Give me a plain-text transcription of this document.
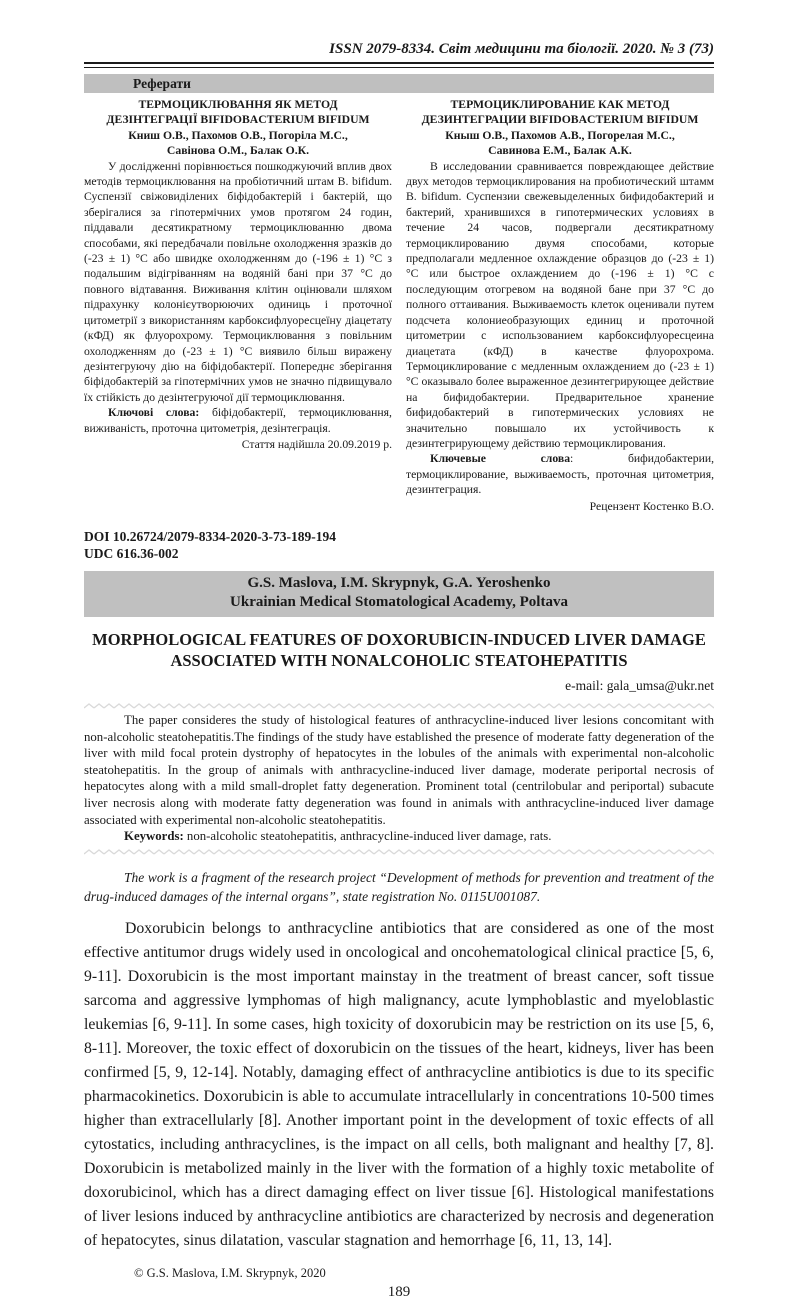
ISSN 2079-8334. Світ медицини та біології. 2020. № 3 (73)
Реферати
ТЕРМОЦИКЛЮВАННЯ ЯК МЕТОД
ДЕЗІНТЕГРАЦІЇ BIFIDOBACTERIUM BIFIDUM
Книш О.В., Пахомов О.В., Погоріла М.С.,
Савінова О.М., Балак О.К.

У дослідженні порівнюється пошкоджуючий вплив двох методів термоциклювання на пробіотичний штам B. bifidum. Суспензії свіжовиділених біфідобактерій і бактерій, що зберігалися за гіпотермічних умов протягом 24 годин, піддавали десятикратному термоциклюванню двома способами, які передбачали повільне охолодження зразків до (-23 ± 1) °С або швидке охолодженням до (-196 ± 1) °С з подальшим відігріванням на водяній бані при 37 °С до повного відтавання. Виживання клітин оцінювали шляхом підрахунку колонієутворюючих одиниць і проточної цитометрії з використанням карбоксифлуоресцеїну діацетату (кФД) як флуорохрому. Термоциклювання з повільним охолодженням до (-23 ± 1) °С виявило більш виражену дезінтегруючу дію на біфідобактерії. Попереднє зберігання біфідобактерій за гіпотермічних умов не значно підвищувало їх стійкість до дезінтегруючої дії термоциклювання.

Ключові слова: біфідобактерії, термоциклювання, виживаність, проточна цитометрія, дезінтеграція.

Стаття надійшла 20.09.2019 р.
ТЕРМОЦИКЛИРОВАНИЕ КАК МЕТОД
ДЕЗИНТЕГРАЦИИ BIFIDOBACTERIUM BIFIDUM
Кныш О.В., Пахомов А.В., Погорелая М.С.,
Савинова Е.М., Балак А.К.

В исследовании сравнивается повреждающее действие двух методов термоциклирования на пробиотический штамм B. bifidum. Суспензии свежевыделенных бифидобактерий и бактерий, хранившихся в гипотермических условиях в течение 24 часов, подвергали десятикратному термоциклированию двумя способами, которые предполагали медленное охлаждение образцов до (-23 ± 1) °С или быстрое охлаждением до (-196 ± 1) °С с последующим отогревом на водяной бане при 37 °С до полного оттаивания. Выживаемость клеток оценивали путем подсчета колониеобразующих единиц и проточной цитометрии с использованием карбоксифлуоресцеина диацетата (кФД) в качестве флуорохрома. Термоциклирование с медленным охлаждением до (-23 ± 1) °С оказывало более выраженное дезинтегрирующее действие на бифидобактерии. Предварительное хранение бифидобактерий в гипотермических условиях не значительно повышало их устойчивость к дезинтегрирующему действию термоциклирования.

Ключевые слова: бифидобактерии, термоциклирование, выживаемость, проточная цитометрия, дезинтеграция.

Рецензент Костенко В.О.
DOI 10.26724/2079-8334-2020-3-73-189-194
UDC 616.36-002
G.S. Maslova, I.M. Skrypnyk, G.A. Yeroshenko
Ukrainian Medical Stomatological Academy, Poltava
MORPHOLOGICAL FEATURES OF DOXORUBICIN-INDUCED LIVER DAMAGE
ASSOCIATED WITH NONALCOHOLIC STEATOHEPATITIS
e-mail: gala_umsa@ukr.net

The paper consideres the study of histological features of anthracycline-induced liver lesions concomitant with non-alcoholic steatohepatitis.The findings of the study have established the presence of moderate fatty degeneration of the liver with mild focal protein dystrophy of hepatocytes in the lobules of the animals with experimental non-alcoholic steatohepatitis. In the group of animals with anthracycline-induced liver damage, moderate periportal necrosis of hepatocytes along with a mild small-droplet fatty degeneration. Prominent total (centrilobular and periportal) subacute liver necrosis along with moderate fatty degeneration was found in animals with anthracycline-induced liver damage associated with experimental non-alcoholic steatohepatitis.

Keywords: non-alcoholic steatohepatitis, anthracycline-induced liver damage, rats.

The work is a fragment of the research project “Development of methods for prevention and treatment of the drug-induced damages of the internal organs”, state registration No. 0115U001087.
Doxorubicin belongs to anthracycline antibiotics that are considered as one of the most effective antitumor drugs widely used in oncological and oncohematological clinical practice [5, 6, 9-11]. Doxorubicin is the most important mainstay in the treatment of breast cancer, soft tissue sarcoma and aggressive lymphomas of high malignancy, acute lymphoblastic and myeloblastic leukemias [6, 9-11]. In some cases, high toxicity of doxorubicin may be restriction on its use [5, 6, 8-11]. Moreover, the toxic effect of doxorubicin on the tissues of the heart, kidneys, liver has been confirmed [5, 9, 12-14]. Notably, damaging effect of anthracycline antibiotics is due to its specific pharmacokinetics. Doxorubicin is able to accumulate intracellularly in concentrations 10-500 times higher than extracellularly [8]. Another important point in the development of toxic effects of all cytostatics, including anthracyclines, is the impact on all cells, both malignant and healthy [7, 8]. Doxorubicin is metabolized mainly in the liver with the formation of a highly toxic metabolite of doxorubicinol, which has a direct damaging effect on liver tissue [6]. Histological manifestations of liver lesions induced by anthracycline antibiotics are characterized by necrosis and degeneration of hepatocytes, sinus dilatation, vascular stagnation and hemorrhage [6, 11, 13, 14].
© G.S. Maslova, I.M. Skrypnyk, 2020
189
